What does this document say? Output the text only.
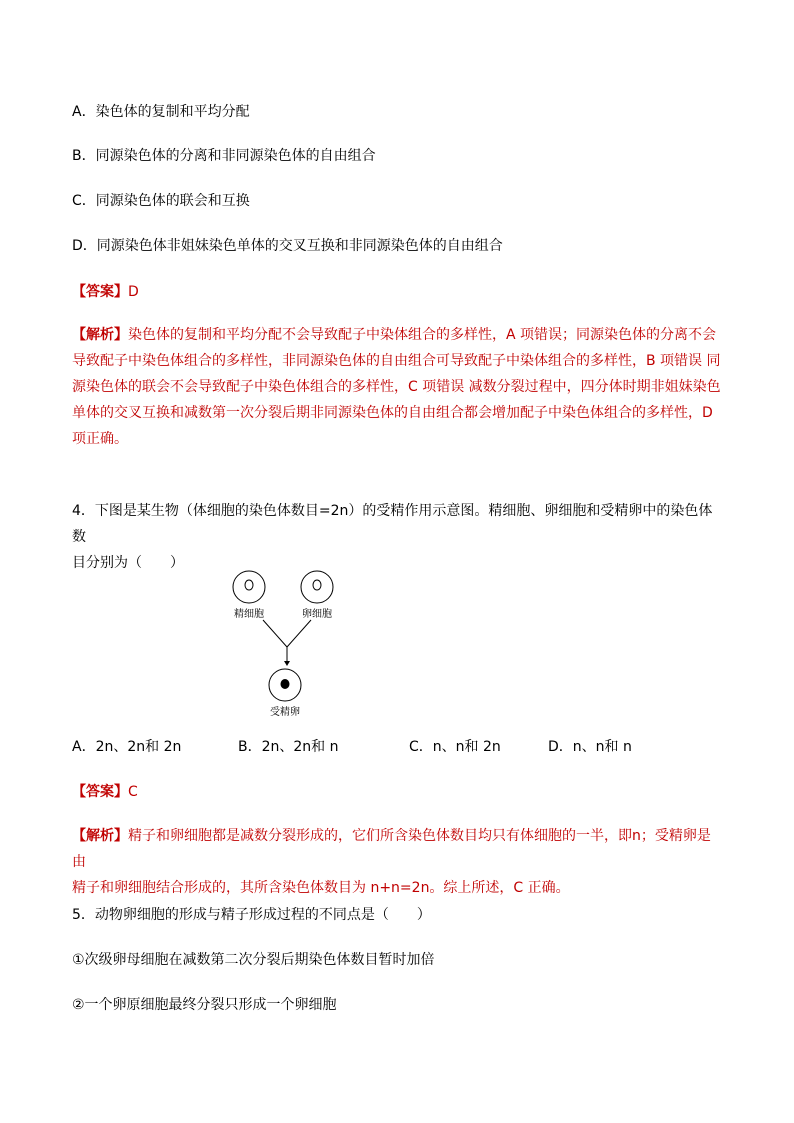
A．染色体的复制和平均分配
B．同源染色体的分离和非同源染色体的自由组合
C．同源染色体的联会和互换
D．同源染色体非姐妹染色单体的交叉互换和非同源染色体的自由组合
【答案】D
【解析】染色体的复制和平均分配不会导致配子中染体组合的多样性，A 项错误；同源染色体的分离不会
导致配子中染色体组合的多样性，非同源染色体的自由组合可导致配子中染体组合的多样性，B 项错误 同
源染色体的联会不会导致配子中染色体组合的多样性，C 项错误 减数分裂过程中，四分体时期非姐妹染色
单体的交叉互换和减数第一次分裂后期非同源染色体的自由组合都会增加配子中染色体组合的多样性，D
项正确。
4．下图是某生物（体细胞的染色体数目=2n）的受精作用示意图。精细胞、卵细胞和受精卵中的染色体数
目分别为（　　）
精细胞	卵细胞
受精卵
A．2n、2n和 2n	B．2n、2n和 n	C．n、n和 2n	D．n、n和 n
【答案】C
【解析】精子和卵细胞都是减数分裂形成的，它们所含染色体数目均只有体细胞的一半，即n；受精卵是由
精子和卵细胞结合形成的，其所含染色体数目为 n+n=2n。综上所述，C 正确。
5．动物卵细胞的形成与精子形成过程的不同点是（　　）
①次级卵母细胞在减数第二次分裂后期染色体数目暂时加倍
②一个卵原细胞最终分裂只形成一个卵细胞
